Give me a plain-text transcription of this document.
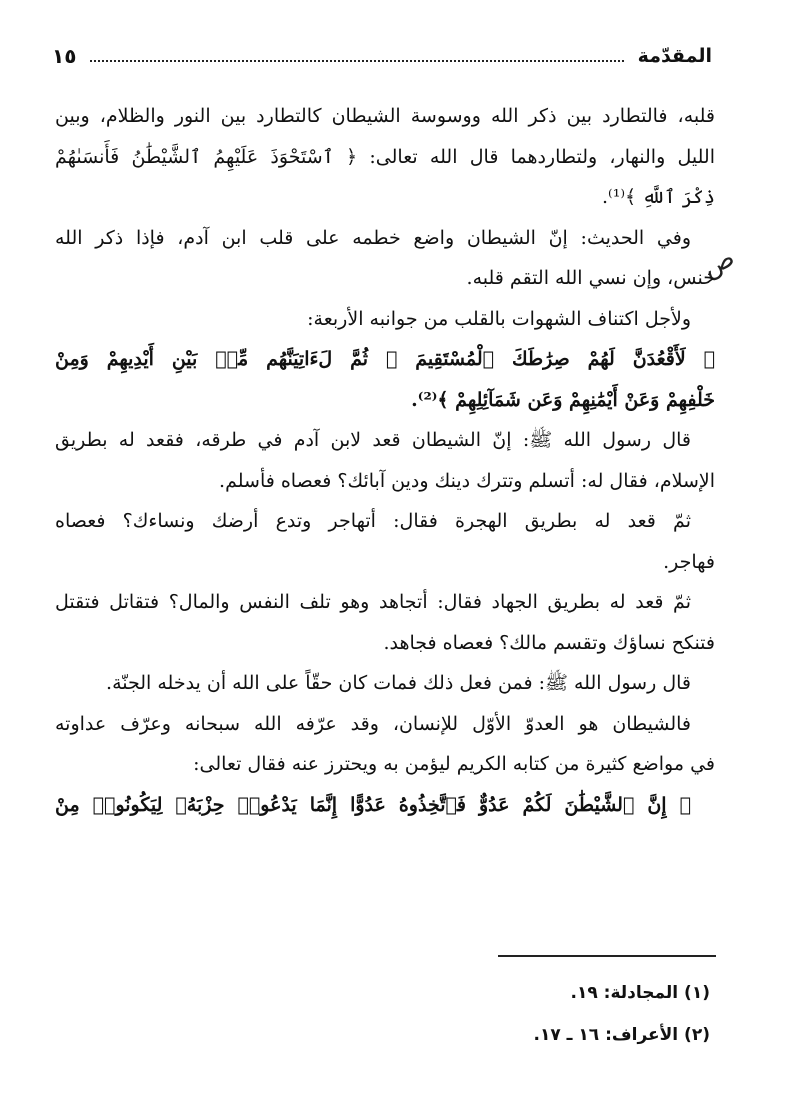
المقدّمة
١٥
ص
قلبه، فالتطارد بين ذكر الله ووسوسة الشيطان كالتطارد بين النور والظلام، وبين
الليل والنهار، ولتطاردهما قال الله تعالى: ﴿ ٱسْتَحْوَذَ عَلَيْهِمُ ٱلشَّيْطَٰنُ فَأَنسَىٰهُمْ
ذِكْرَ ٱللَّهِ ﴾⁽¹⁾.
وفي الحديث: إنّ الشيطان واضع خطمه على قلب ابن آدم، فإذا ذكر الله
خنس، وإن نسي الله التقم قلبه.
ولأجل اكتناف الشهوات بالقلب من جوانبه الأربعة:
﴿ لَأَقْعُدَنَّ لَهُمْ صِرَٰطَكَ ٱلْمُسْتَقِيمَ ۞ ثُمَّ لَءَاتِيَنَّهُم مِّنۢ بَيْنِ أَيْدِيهِمْ وَمِنْ
خَلْفِهِمْ وَعَنْ أَيْمَٰنِهِمْ وَعَن شَمَآئِلِهِمْ ﴾⁽²⁾.
قال رسول الله ﷺ: إنّ الشيطان قعد لابن آدم في طرقه، فقعد له بطريق
الإسلام، فقال له: أتسلم وتترك دينك ودين آبائك؟ فعصاه فأسلم.
ثمّ قعد له بطريق الهجرة فقال: أتهاجر وتدع أرضك ونساءك؟ فعصاه
فهاجر.
ثمّ قعد له بطريق الجهاد فقال: أتجاهد وهو تلف النفس والمال؟ فتقاتل فتقتل
فتنكح نساؤك وتقسم مالك؟ فعصاه فجاهد.
قال رسول الله ﷺ: فمن فعل ذلك فمات كان حقّاً على الله أن يدخله الجنّة.
فالشيطان هو العدوّ الأوّل للإنسان، وقد عرّفه الله سبحانه وعرّف عداوته
في مواضع كثيرة من كتابه الكريم ليؤمن به ويحترز عنه فقال تعالى:
﴿ إِنَّ ٱلشَّيْطَٰنَ لَكُمْ عَدُوٌّ فَٱتَّخِذُوهُ عَدُوًّا إِنَّمَا يَدْعُوا۟ حِزْبَهُۥ لِيَكُونُوا۟ مِنْ
(١) المجادلة: ١٩.
(٢) الأعراف: ١٦ ـ ١٧.
